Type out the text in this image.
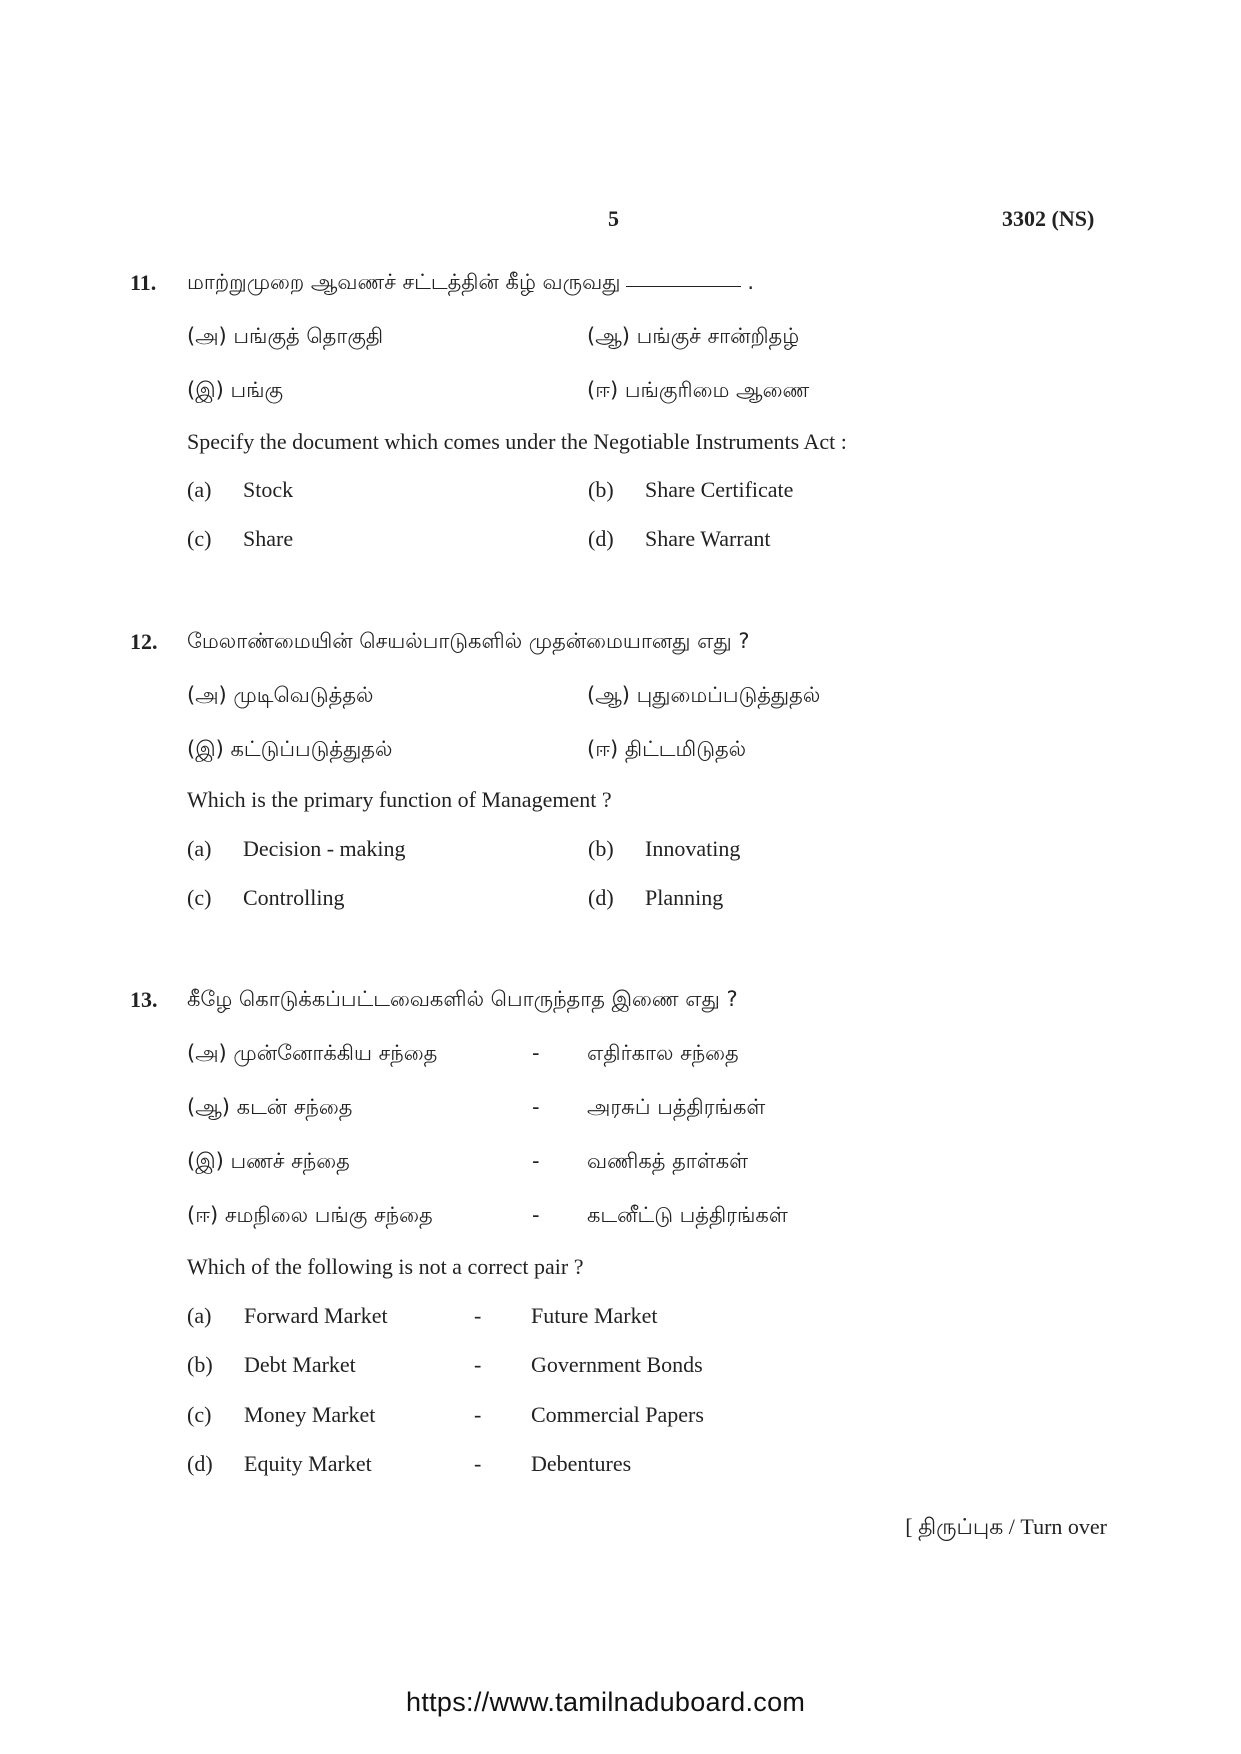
5	3302 (NS)
11. மாற்றுமுறை ஆவணச் சட்டத்தின் கீழ் வருவது	.
(அ) பங்குத் தொகுதி	(ஆ) பங்குச் சான்றிதழ்
(இ) பங்கு	(ஈ) பங்குரிமை ஆணை
Specify the document which comes under the Negotiable Instruments Act :
(a) Stock	(b) Share Certificate
(c) Share	(d) Share Warrant
12. மேலாண்மையின் செயல்பாடுகளில் முதன்மையானது எது ?
(அ) முடிவெடுத்தல்	(ஆ) புதுமைப்படுத்துதல்
(இ) கட்டுப்படுத்துதல்	(ஈ) திட்டமிடுதல்
Which is the primary function of Management ?
(a) Decision - making	(b) Innovating
(c) Controlling	(d) Planning
13. கீழே கொடுக்கப்பட்டவைகளில் பொருந்தாத இணை எது ?
(அ) முன்னோக்கிய சந்தை	- எதிர்கால சந்தை
(ஆ) கடன் சந்தை	- அரசுப் பத்திரங்கள்
(இ) பணச் சந்தை	- வணிகத் தாள்கள்
(ஈ) சமநிலை பங்கு சந்தை	- கடனீட்டு பத்திரங்கள்
Which of the following is not a correct pair ?
(a) Forward Market	- Future Market
(b) Debt Market	- Government Bonds
(c) Money Market	- Commercial Papers
(d) Equity Market	- Debentures
[ திருப்புக / Turn over
https://www.tamilnaduboard.com
